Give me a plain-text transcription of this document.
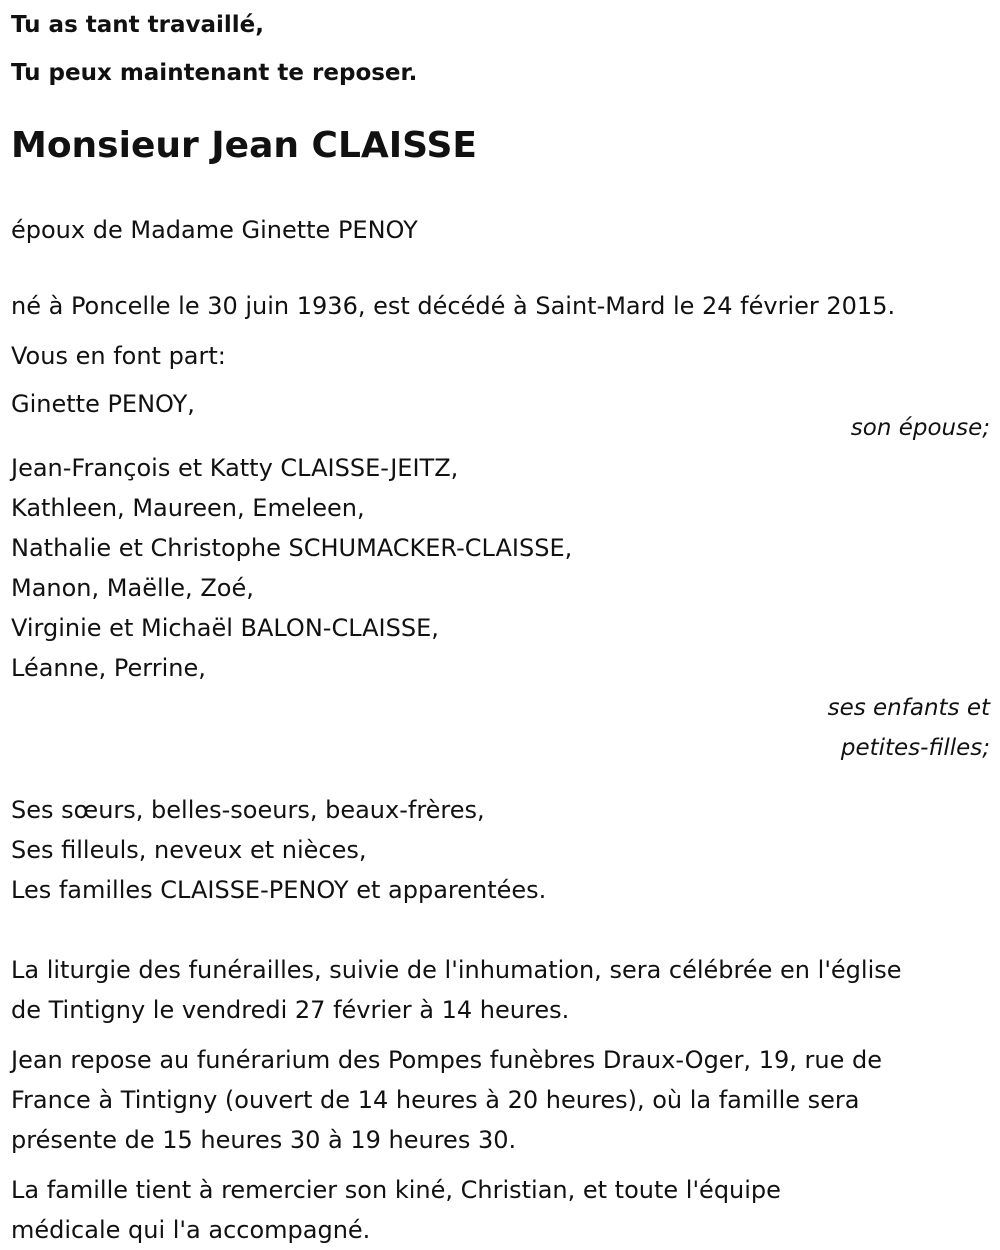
Tu as tant travaillé,

Tu peux maintenant te reposer.

Monsieur Jean CLAISSE

époux de Madame Ginette PENOY

né à Poncelle le 30 juin 1936, est décédé à Saint-Mard le 24 février 2015.

Vous en font part:

Ginette PENOY,

son épouse;

Jean-François et Katty CLAISSE-JEITZ,

Kathleen, Maureen, Emeleen,

Nathalie et Christophe SCHUMACKER-CLAISSE,

Manon, Maëlle, Zoé,

Virginie et Michaël BALON-CLAISSE,

Léanne, Perrine,

ses enfants et

petites-filles;

Ses sœurs, belles-soeurs, beaux-frères,

Ses filleuls, neveux et nièces,

Les familles CLAISSE-PENOY et apparentées.

La liturgie des funérailles, suivie de l'inhumation, sera célébrée en l'église

de Tintigny le vendredi 27 février à 14 heures.

Jean repose au funérarium des Pompes funèbres Draux-Oger, 19, rue de

France à Tintigny (ouvert de 14 heures à 20 heures), où la famille sera

présente de 15 heures 30 à 19 heures 30.

La famille tient à remercier son kiné, Christian, et toute l'équipe

médicale qui l'a accompagné.
